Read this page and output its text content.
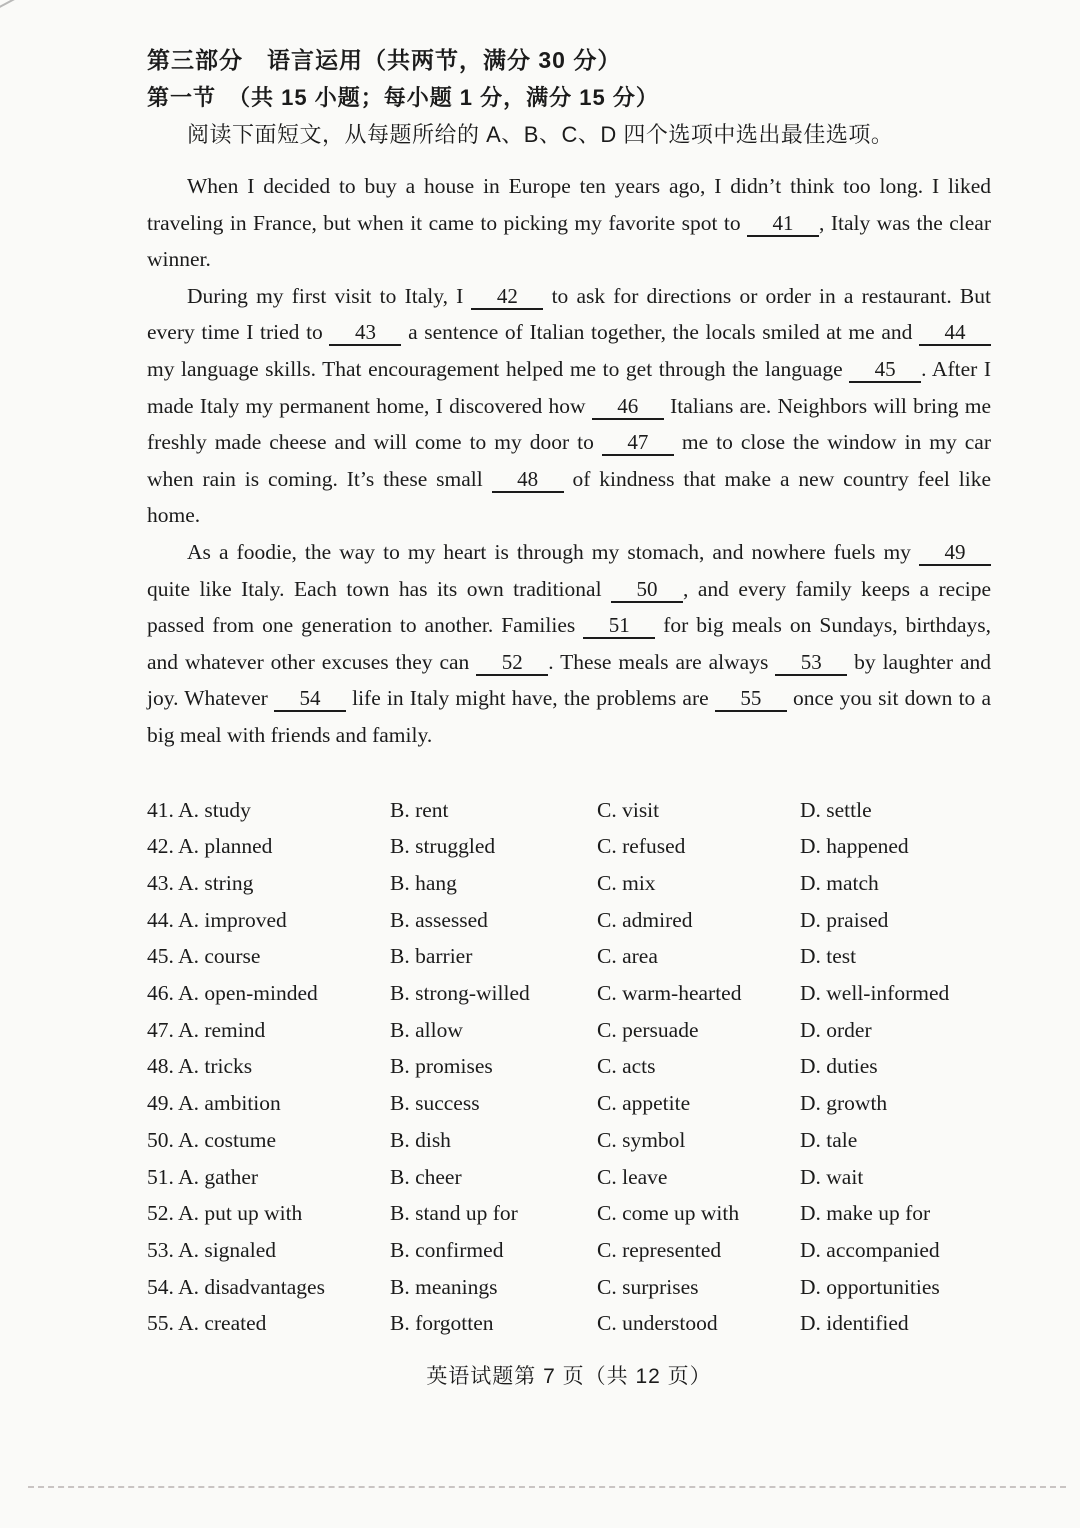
第三部分　语言运用（共两节，满分 30 分）
第一节　（共 15 小题；每小题 1 分，满分 15 分）
阅读下面短文，从每题所给的 A、B、C、D 四个选项中选出最佳选项。

When I decided to buy a house in Europe ten years ago, I didn’t think too long. I liked traveling in France, but when it came to picking my favorite spot to 41 , Italy was the clear winner.

During my first visit to Italy, I 42 to ask for directions or order in a restaurant. But every time I tried to 43 a sentence of Italian together, the locals smiled at me and 44 my language skills. That encouragement helped me to get through the language 45 . After I made Italy my permanent home, I discovered how 46 Italians are. Neighbors will bring me freshly made cheese and will come to my door to 47 me to close the window in my car when rain is coming. It’s these small 48 of kindness that make a new country feel like home.

As a foodie, the way to my heart is through my stomach, and nowhere fuels my 49 quite like Italy. Each town has its own traditional 50 , and every family keeps a recipe passed from one generation to another. Families 51 for big meals on Sundays, birthdays, and whatever other excuses they can 52 . These meals are always 53 by laughter and joy. Whatever 54 life in Italy might have, the problems are 55 once you sit down to a big meal with friends and family.

41. A. study	B. rent	C. visit	D. settle
42. A. planned	B. struggled	C. refused	D. happened
43. A. string	B. hang	C. mix	D. match
44. A. improved	B. assessed	C. admired	D. praised
45. A. course	B. barrier	C. area	D. test
46. A. open-minded	B. strong-willed	C. warm-hearted	D. well-informed
47. A. remind	B. allow	C. persuade	D. order
48. A. tricks	B. promises	C. acts	D. duties
49. A. ambition	B. success	C. appetite	D. growth
50. A. costume	B. dish	C. symbol	D. tale
51. A. gather	B. cheer	C. leave	D. wait
52. A. put up with	B. stand up for	C. come up with	D. make up for
53. A. signaled	B. confirmed	C. represented	D. accompanied
54. A. disadvantages	B. meanings	C. surprises	D. opportunities
55. A. created	B. forgotten	C. understood	D. identified
英语试题第 7 页（共 12 页）
